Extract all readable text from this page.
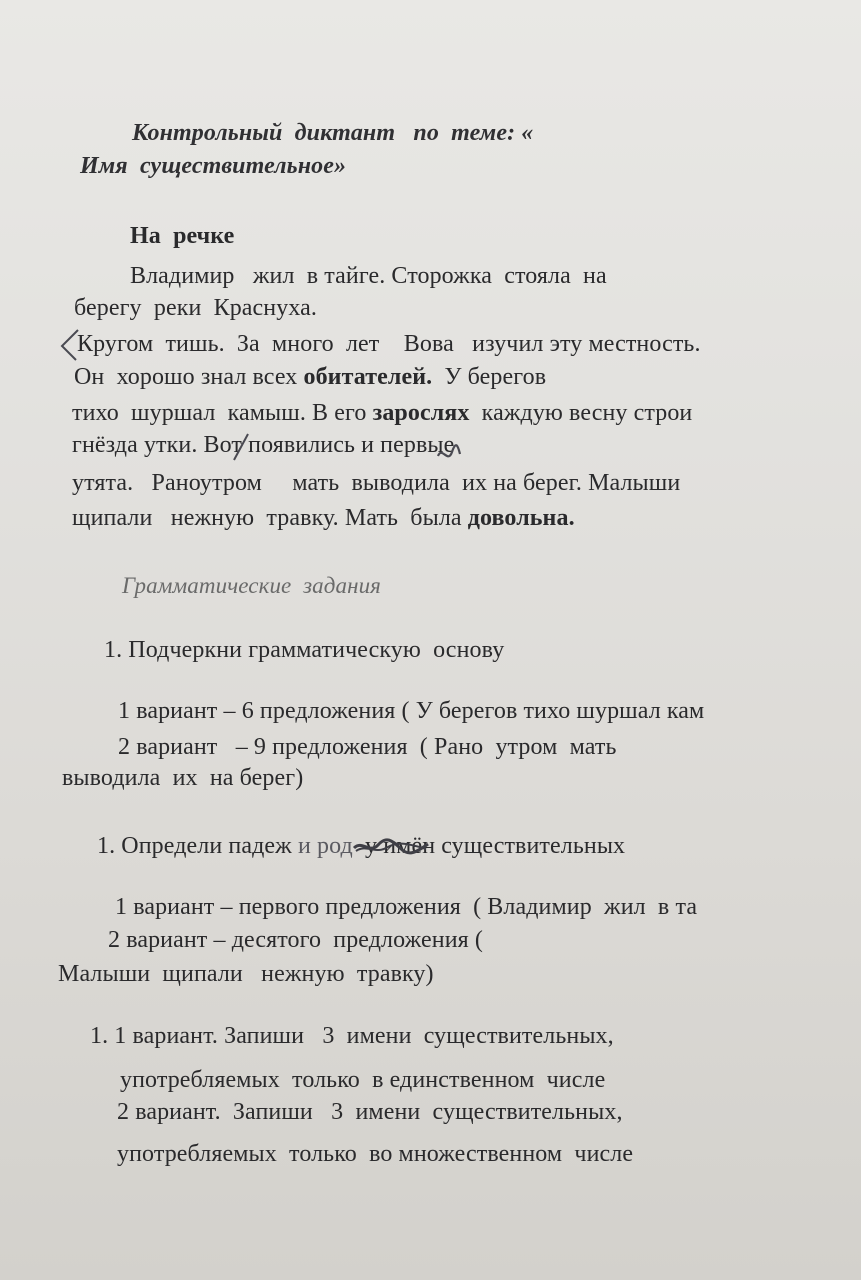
Контрольный  диктант   по  теме: «
Имя  существительное»
На  речке
Владимир   жил  в тайге. Сторожка  стояла  на
берегу  реки  Краснуха.
Кругом  тишь.  За  много  лет    Вова   изучил эту местность.
Он  хорошо знал всех обитателей.  У берегов
тихо  шуршал  камыш. В его зарослях  каждую весну строи
гнёзда утки. Вот появились и первые
утята.   Раноутром     мать  выводила  их на берег. Малыши
щипали   нежную  травку. Мать  была довольна.
Грамматические  задания
1. Подчеркни грамматическую  основу
1 вариант – 6 предложения ( У берегов тихо шуршал кам
2 вариант   – 9 предложения  ( Рано  утром  мать
выводила  их  на берег)
1. Определи падеж и род  у имён существительных
1 вариант – первого предложения  ( Владимир  жил  в та
2 вариант – десятого  предложения (
Малыши  щипали   нежную  травку)
1. 1 вариант. Запиши   3  имени  существительных,
употребляемых  только  в единственном  числе
2 вариант.  Запиши   3  имени  существительных,
употребляемых  только  во множественном  числе
